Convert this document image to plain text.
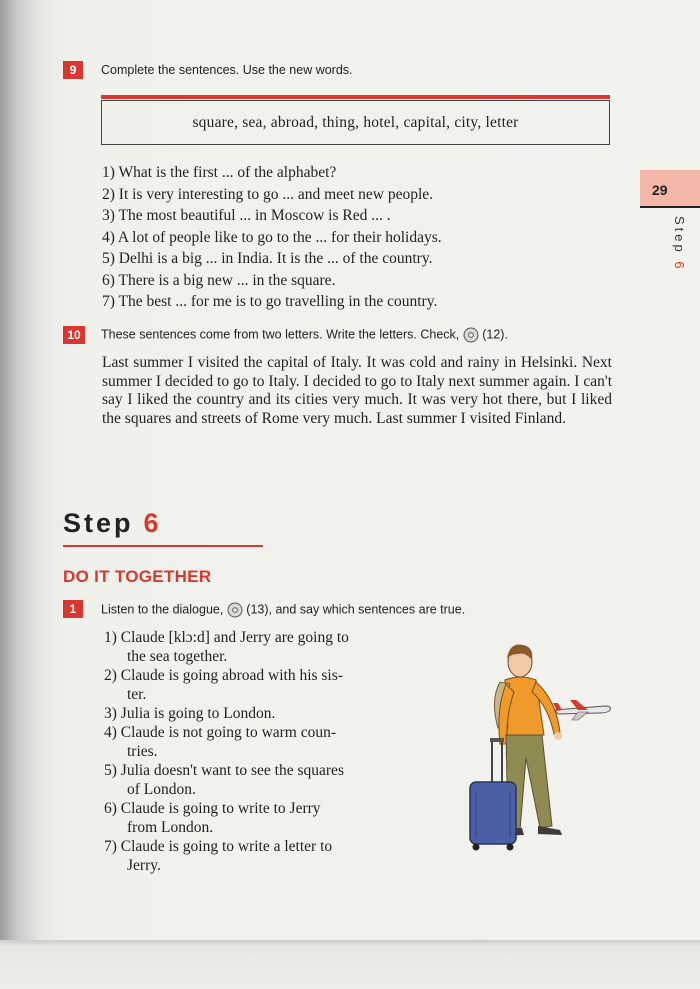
29
Step 6
9	Complete the sentences. Use the new words.
square, sea, abroad, thing, hotel, capital, city, letter
1) What is the first ... of the alphabet?
2) It is very interesting to go ... and meet new people.
3) The most beautiful ... in Moscow is Red ... .
4) A lot of people like to go to the ... for their holidays.
5) Delhi is a big ... in India. It is the ... of the country.
6) There is a big new ... in the square.
7) The best ... for me is to go travelling in the country.
10	These sentences come from two letters. Write the letters. Check, (12).

Last summer I visited the capital of Italy. It was cold and rainy in Helsinki. Next summer I decided to go to Italy. I decided to go to Italy next summer again. I can't say I liked the country and its cities very much. It was very hot there, but I liked the squares and streets of Rome very much. Last summer I visited Finland.

Step 6
DO IT TOGETHER
1	Listen to the dialogue, (13), and say which sentences are true.
1) Claude [klɔ:d] and Jerry are going to
the sea together.
2) Claude is going abroad with his sis-
ter.
3) Julia is going to London.
4) Claude is not going to warm coun-
tries.
5) Julia doesn't want to see the squares
of London.
6) Claude is going to write to Jerry
from London.
7) Claude is going to write a letter to
Jerry.
